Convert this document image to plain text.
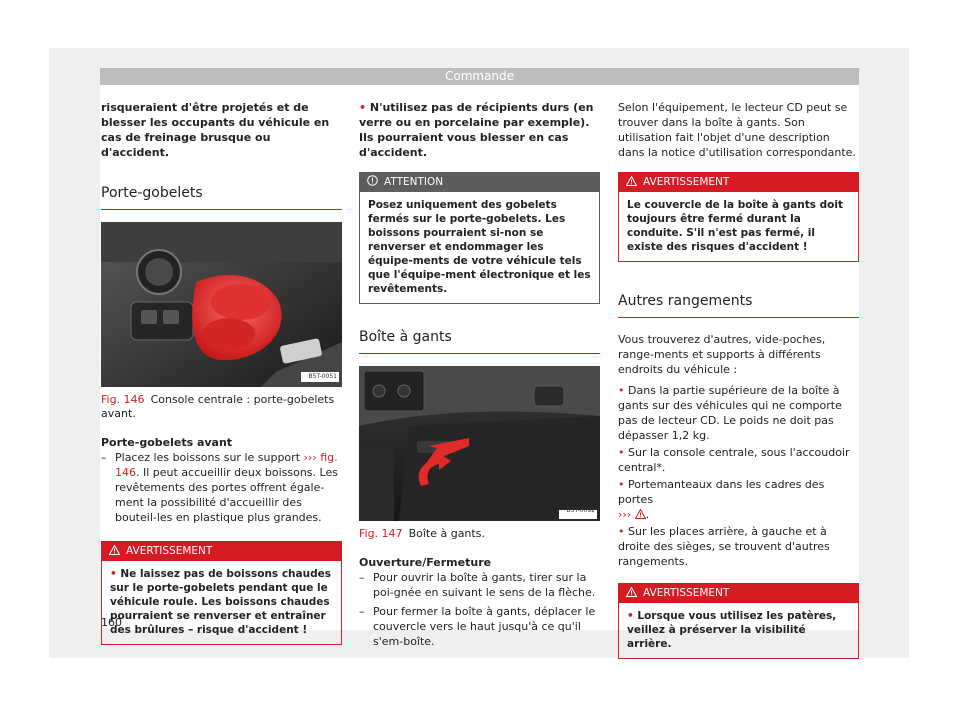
Commande

risqueraient d'être projetés et de blesser les occupants du véhicule en cas de freinage brusque ou d'accident.

Porte-gobelets
B5T-0051

Fig. 146 Console centrale : porte-gobelets avant.

Porte-gobelets avant

– Placez les boissons sur le support ››› fig. 146. Il peut accueillir deux boissons. Les revêtements des portes offrent égale-ment la possibilité d'accueillir des bouteil-les en plastique plus grandes.

AVERTISSEMENT
• Ne laissez pas de boissons chaudes sur le porte-gobelets pendant que le véhicule roule. Les boissons chaudes pourraient se renverser et entraîner des brûlures – risque d'accident !

• N'utilisez pas de récipients durs (en verre ou en porcelaine par exemple). Ils pourraient vous blesser en cas d'accident.

ATTENTION
Posez uniquement des gobelets fermés sur le porte-gobelets. Les boissons pourraient si-non se renverser et endommager les équipe-ments de votre véhicule tels que l'équipe-ment électronique et les revêtements.
Boîte à gants
B5T-0092

Fig. 147 Boîte à gants.

Ouverture/Fermeture

– Pour ouvrir la boîte à gants, tirer sur la poi-gnée en suivant le sens de la flèche.

– Pour fermer la boîte à gants, déplacer le couvercle vers le haut jusqu'à ce qu'il s'em-boîte.

Selon l'équipement, le lecteur CD peut se trouver dans la boîte à gants. Son utilisation fait l'objet d'une description dans la notice d'utilisation correspondante.

AVERTISSEMENT
Le couvercle de la boîte à gants doit toujours être fermé durant la conduite. S'il n'est pas fermé, il existe des risques d'accident !
Autres rangements

Vous trouverez d'autres, vide-poches, range-ments et supports à différents endroits du véhicule :

• Dans la partie supérieure de la boîte à gants sur des véhicules qui ne comporte pas de lecteur CD. Le poids ne doit pas dépasser 1,2 kg.

• Sur la console centrale, sous l'accoudoir central*.

• Portemanteaux dans les cadres des portes
››› .

• Sur les places arrière, à gauche et à droite des sièges, se trouvent d'autres rangements.

AVERTISSEMENT
• Lorsque vous utilisez les patères, veillez à préserver la visibilité arrière.
160
